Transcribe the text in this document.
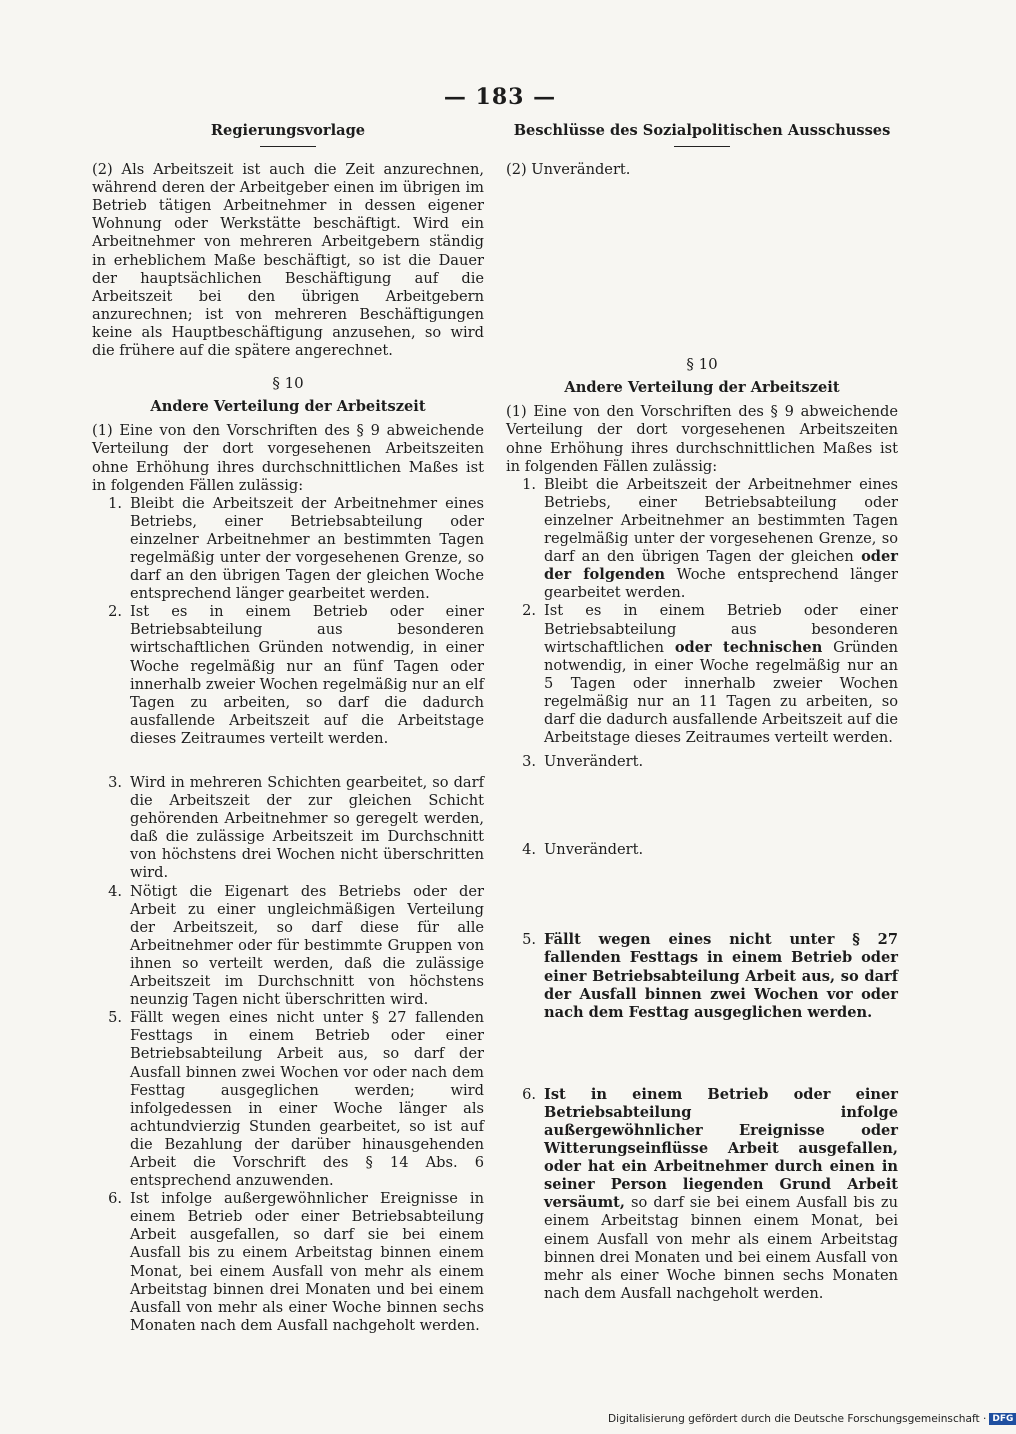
— 183 —
Regierungsvorlage

(2) Als Arbeitszeit ist auch die Zeit anzurechnen, während deren der Arbeitgeber einen im übrigen im Betrieb tätigen Arbeitnehmer in dessen eigener Wohnung oder Werkstätte beschäftigt. Wird ein Arbeitnehmer von mehreren Arbeitgebern ständig in erheblichem Maße beschäftigt, so ist die Dauer der hauptsächlichen Beschäftigung auf die Arbeitszeit bei den übrigen Arbeitgebern anzurechnen; ist von mehreren Beschäftigungen keine als Hauptbeschäftigung anzusehen, so wird die frühere auf die spätere angerechnet.

§ 10
Andere Verteilung der Arbeitszeit

(1) Eine von den Vorschriften des § 9 abweichende Verteilung der dort vorgesehenen Arbeitszeiten ohne Erhöhung ihres durchschnittlichen Maßes ist in folgenden Fällen zulässig:

1. Bleibt die Arbeitszeit der Arbeitnehmer eines Betriebs, einer Betriebsabteilung oder einzelner Arbeitnehmer an bestimmten Tagen regelmäßig unter der vorgesehenen Grenze, so darf an den übrigen Tagen der gleichen Woche entsprechend länger gearbeitet werden.
2. Ist es in einem Betrieb oder einer Betriebsabteilung aus besonderen wirtschaftlichen Gründen notwendig, in einer Woche regelmäßig nur an fünf Tagen oder innerhalb zweier Wochen regelmäßig nur an elf Tagen zu arbeiten, so darf die dadurch ausfallende Arbeitszeit auf die Arbeitstage dieses Zeitraumes verteilt werden.
3. Wird in mehreren Schichten gearbeitet, so darf die Arbeitszeit der zur gleichen Schicht gehörenden Arbeitnehmer so geregelt werden, daß die zulässige Arbeitszeit im Durchschnitt von höchstens drei Wochen nicht überschritten wird.
4. Nötigt die Eigenart des Betriebs oder der Arbeit zu einer ungleichmäßigen Verteilung der Arbeitszeit, so darf diese für alle Arbeitnehmer oder für bestimmte Gruppen von ihnen so verteilt werden, daß die zulässige Arbeitszeit im Durchschnitt von höchstens neunzig Tagen nicht überschritten wird.
5. Fällt wegen eines nicht unter § 27 fallenden Festtags in einem Betrieb oder einer Betriebsabteilung Arbeit aus, so darf der Ausfall binnen zwei Wochen vor oder nach dem Festtag ausgeglichen werden; wird infolgedessen in einer Woche länger als achtundvierzig Stunden gearbeitet, so ist auf die Bezahlung der darüber hinausgehenden Arbeit die Vorschrift des § 14 Abs. 6 entsprechend anzuwenden.
6. Ist infolge außergewöhnlicher Ereignisse in einem Betrieb oder einer Betriebsabteilung Arbeit ausgefallen, so darf sie bei einem Ausfall bis zu einem Arbeitstag binnen einem Monat, bei einem Ausfall von mehr als einem Arbeitstag binnen drei Monaten und bei einem Ausfall von mehr als einer Woche binnen sechs Monaten nach dem Ausfall nachgeholt werden.
Beschlüsse des Sozialpolitischen Ausschusses

(2) Unverändert.

§ 10
Andere Verteilung der Arbeitszeit

(1) Eine von den Vorschriften des § 9 abweichende Verteilung der dort vorgesehenen Arbeitszeiten ohne Erhöhung ihres durchschnittlichen Maßes ist in folgenden Fällen zulässig:

1. Bleibt die Arbeitszeit der Arbeitnehmer eines Betriebs, einer Betriebsabteilung oder einzelner Arbeitnehmer an bestimmten Tagen regelmäßig unter der vorgesehenen Grenze, so darf an den übrigen Tagen der gleichen oder der folgenden Woche entsprechend länger gearbeitet werden.
2. Ist es in einem Betrieb oder einer Betriebsabteilung aus besonderen wirtschaftlichen oder technischen Gründen notwendig, in einer Woche regelmäßig nur an 5 Tagen oder innerhalb zweier Wochen regelmäßig nur an 11 Tagen zu arbeiten, so darf die dadurch ausfallende Arbeitszeit auf die Arbeitstage dieses Zeitraumes verteilt werden.
3. Unverändert.
4. Unverändert.
5. Fällt wegen eines nicht unter § 27 fallenden Festtags in einem Betrieb oder einer Betriebsabteilung Arbeit aus, so darf der Ausfall binnen zwei Wochen vor oder nach dem Festtag ausgeglichen werden.
6. Ist in einem Betrieb oder einer Betriebsabteilung infolge außergewöhnlicher Ereignisse oder Witterungseinflüsse Arbeit ausgefallen, oder hat ein Arbeitnehmer durch einen in seiner Person liegenden Grund Arbeit versäumt, so darf sie bei einem Ausfall bis zu einem Arbeitstag binnen einem Monat, bei einem Ausfall von mehr als einem Arbeitstag binnen drei Monaten und bei einem Ausfall von mehr als einer Woche binnen sechs Monaten nach dem Ausfall nachgeholt werden.
Digitalisierung gefördert durch die Deutsche Forschungsgemeinschaft · DFG
